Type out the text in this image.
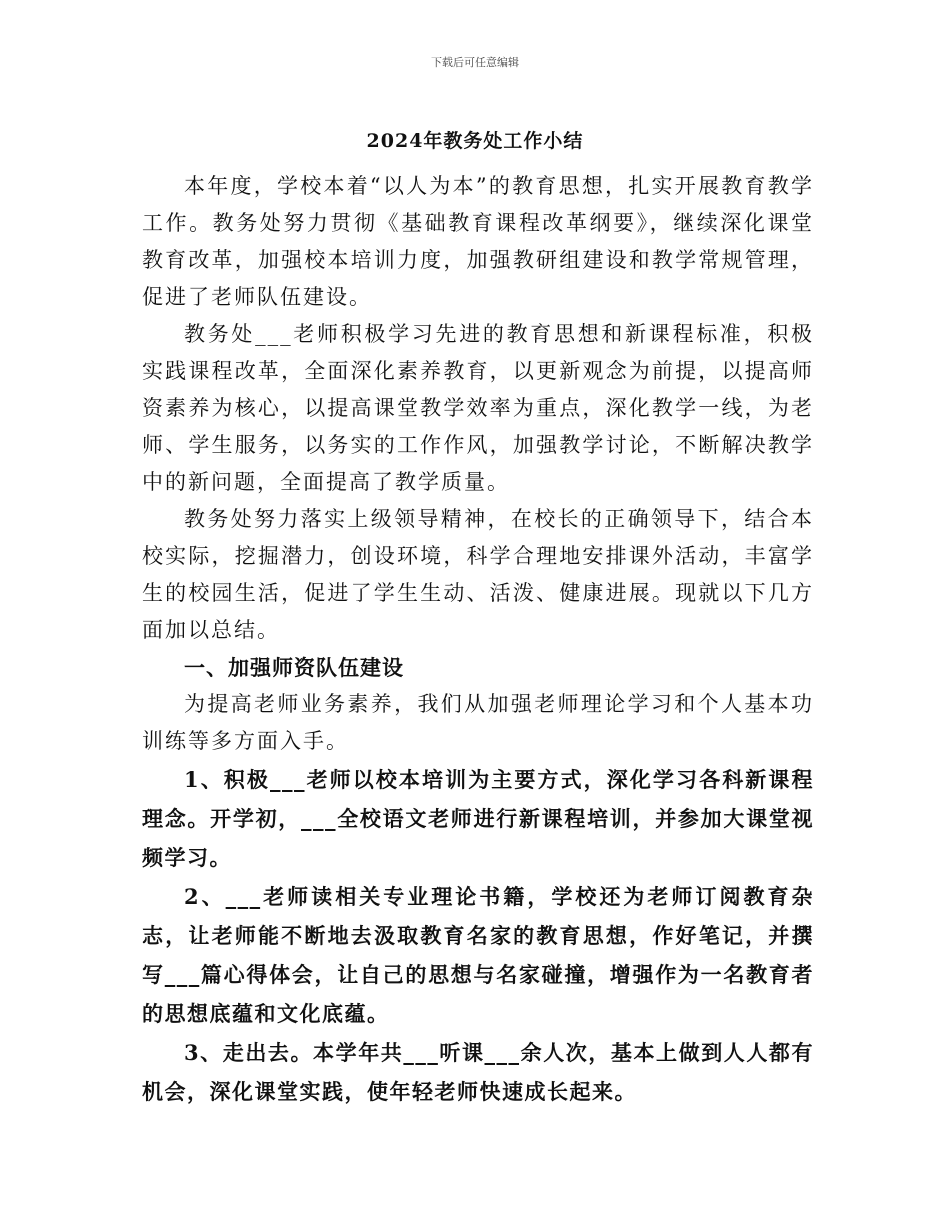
下载后可任意编辑
2024年教务处工作小结

本年度，学校本着“以人为本”的教育思想，扎实开展教育教学工作。教务处努力贯彻《基础教育课程改革纲要》，继续深化课堂教育改革，加强校本培训力度，加强教研组建设和教学常规管理，促进了老师队伍建设。

教务处___老师积极学习先进的教育思想和新课程标准，积极实践课程改革，全面深化素养教育，以更新观念为前提，以提高师资素养为核心，以提高课堂教学效率为重点，深化教学一线，为老师、学生服务，以务实的工作作风，加强教学讨论，不断解决教学中的新问题，全面提高了教学质量。

教务处努力落实上级领导精神，在校长的正确领导下，结合本校实际，挖掘潜力，创设环境，科学合理地安排课外活动，丰富学生的校园生活，促进了学生生动、活泼、健康进展。现就以下几方面加以总结。

一、加强师资队伍建设

为提高老师业务素养，我们从加强老师理论学习和个人基本功训练等多方面入手。

1、积极___老师以校本培训为主要方式，深化学习各科新课程理念。开学初，___全校语文老师进行新课程培训，并参加大课堂视频学习。

2、___老师读相关专业理论书籍，学校还为老师订阅教育杂志，让老师能不断地去汲取教育名家的教育思想，作好笔记，并撰写___篇心得体会，让自己的思想与名家碰撞，增强作为一名教育者的思想底蕴和文化底蕴。

3、走出去。本学年共___听课___余人次，基本上做到人人都有机会，深化课堂实践，使年轻老师快速成长起来。
